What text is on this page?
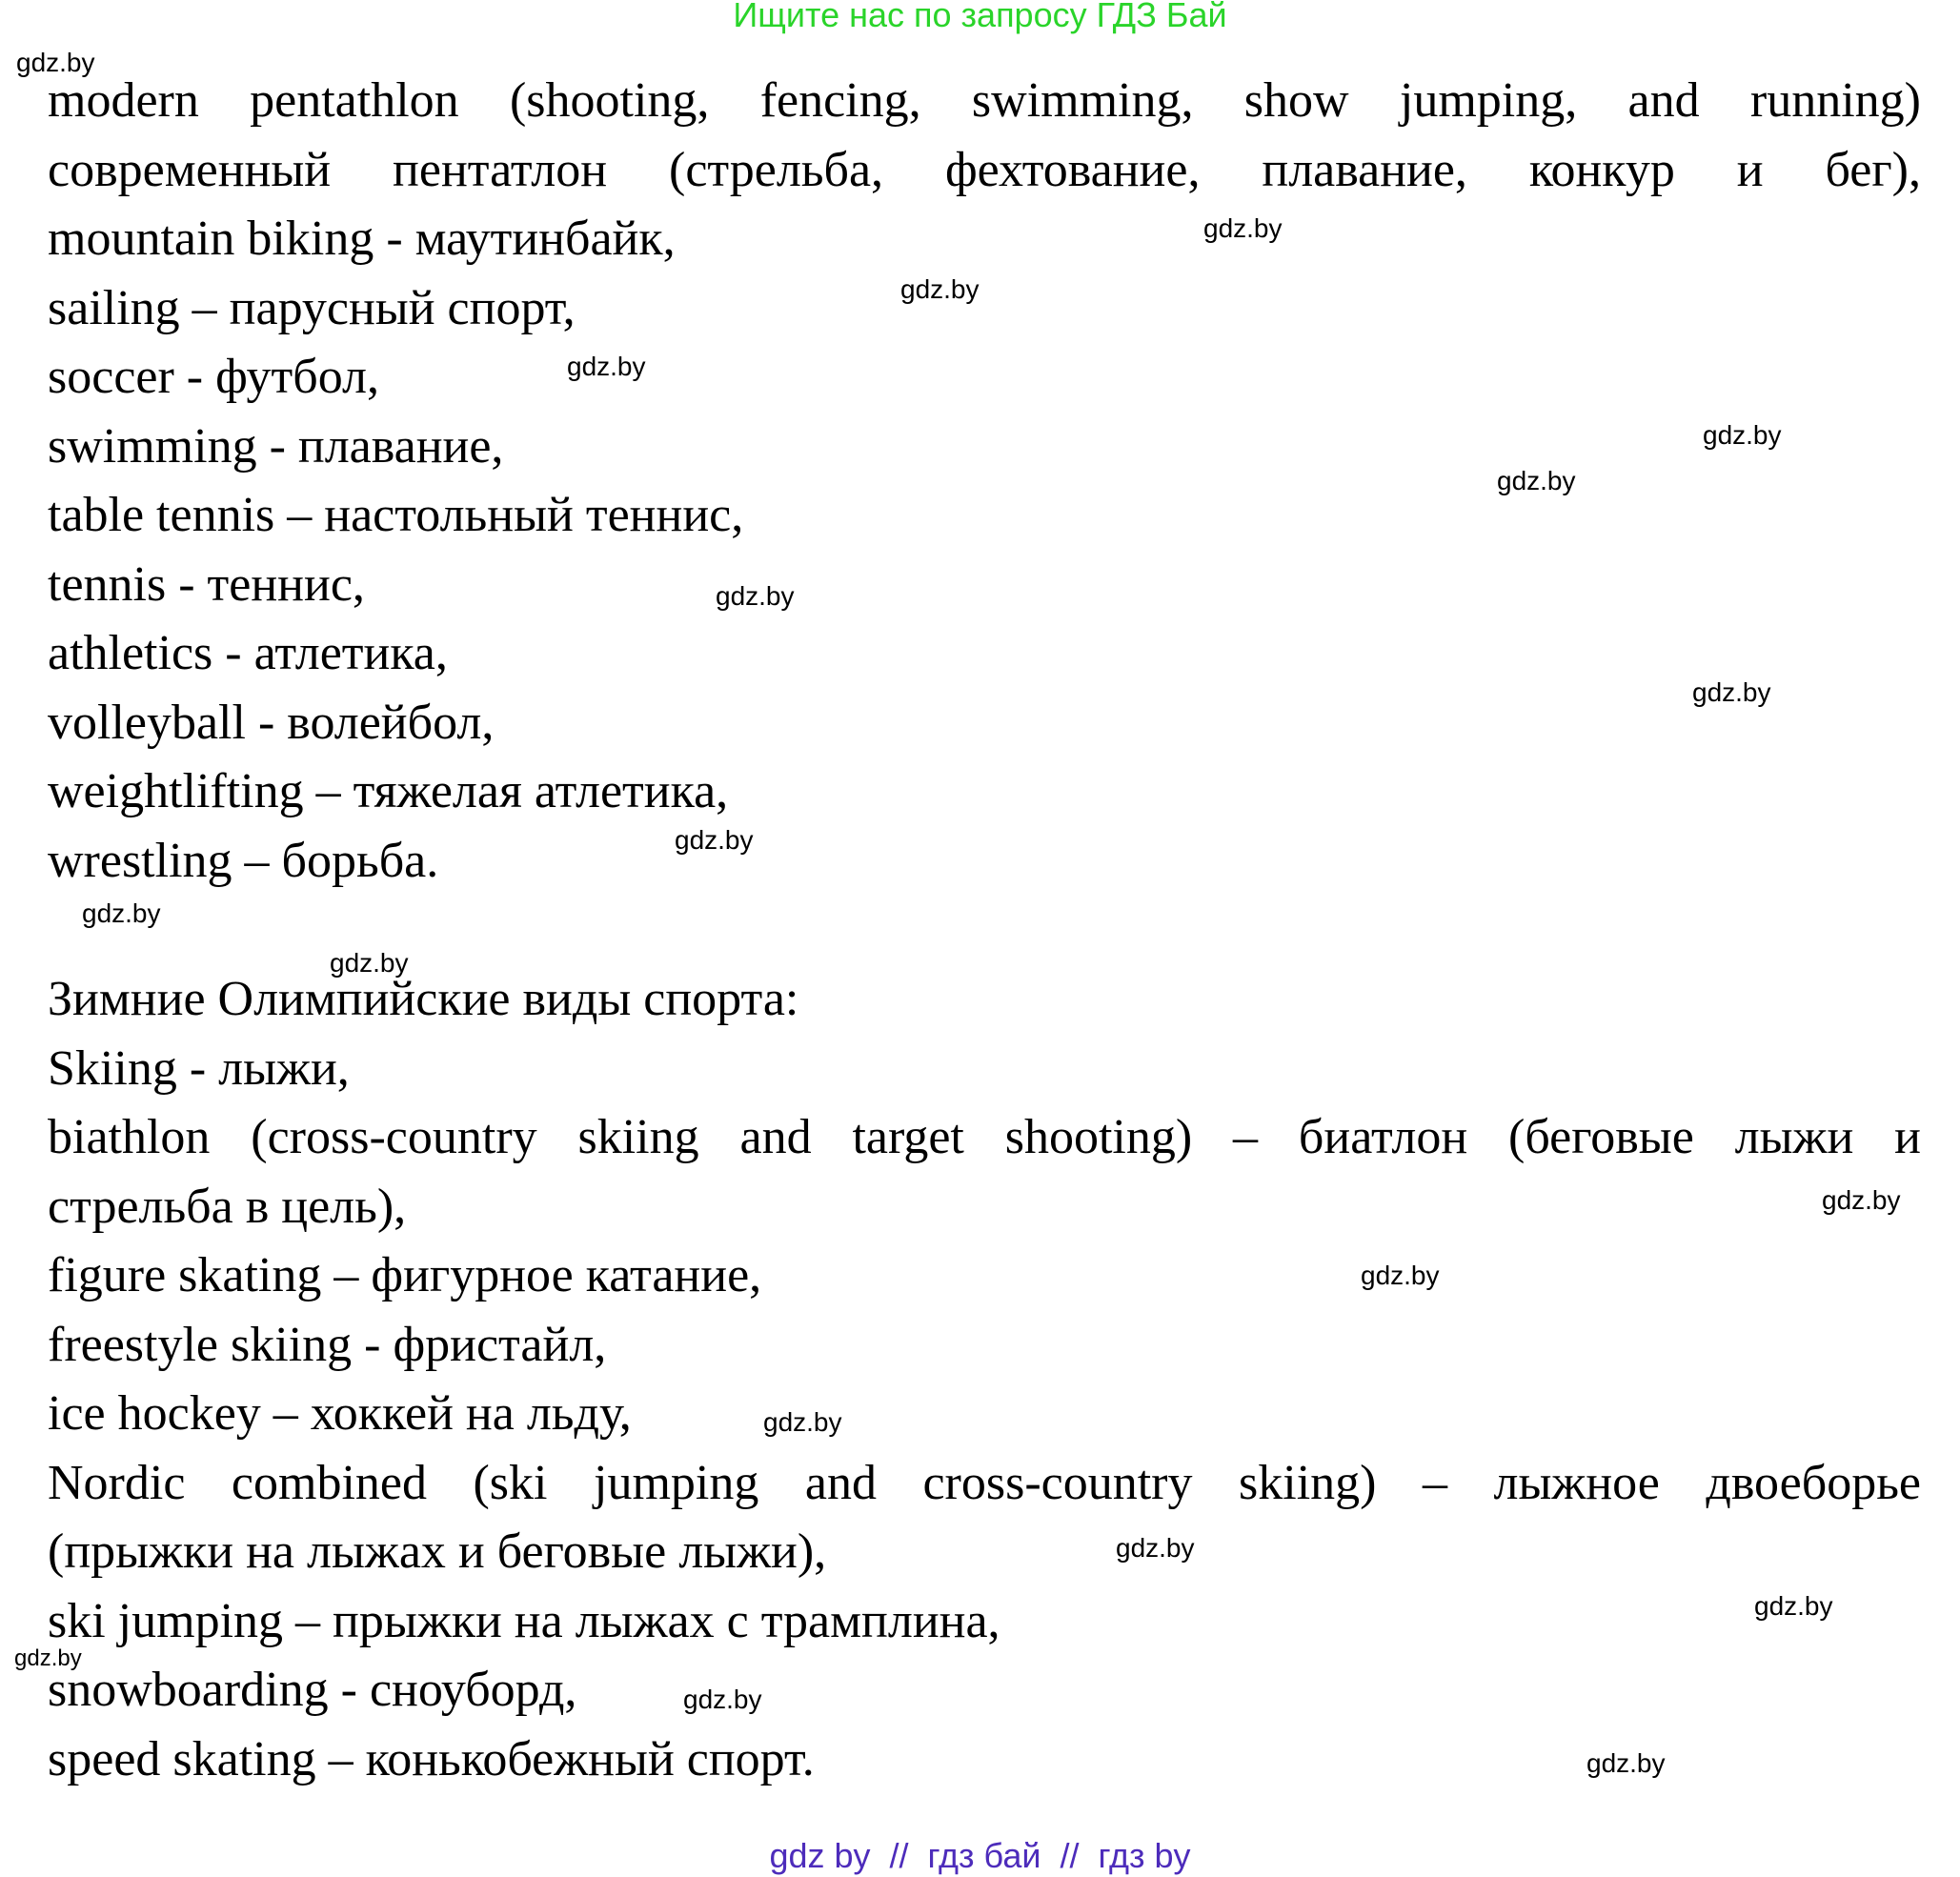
Ищите нас по запросу ГДЗ Бай
modern pentathlon (shooting, fencing, swimming, show jumping, and running)
современный пентатлон (стрельба, фехтование, плавание, конкур и бег),
mountain biking - маутинбайк,
sailing – парусный спорт,
soccer - футбол,
swimming - плавание,
table tennis – настольный теннис,
tennis - теннис,
athletics - атлетика,
volleyball - волейбол,
weightlifting – тяжелая атлетика,
wrestling – борьба.
Зимние Олимпийские виды спорта:
Skiing - лыжи,
biathlon (cross-country skiing and target shooting) – биатлон (беговые лыжи и
стрельба в цель),
figure skating – фигурное катание,
freestyle skiing - фристайл,
ice hockey – хоккей на льду,
Nordic combined (ski jumping and cross-country skiing) – лыжное двоеборье
(прыжки на лыжах и беговые лыжи),
ski jumping – прыжки на лыжах с трамплина,
snowboarding - сноуборд,
speed skating – конькобежный спорт.
gdz.by
gdz.by
gdz.by
gdz.by
gdz.by
gdz.by
gdz.by
gdz.by
gdz.by
gdz.by
gdz.by
gdz.by
gdz.by
gdz.by
gdz.by
gdz.by
gdz.by
gdz.by
gdz.by
gdz by  //  гдз бай  //  гдз by
